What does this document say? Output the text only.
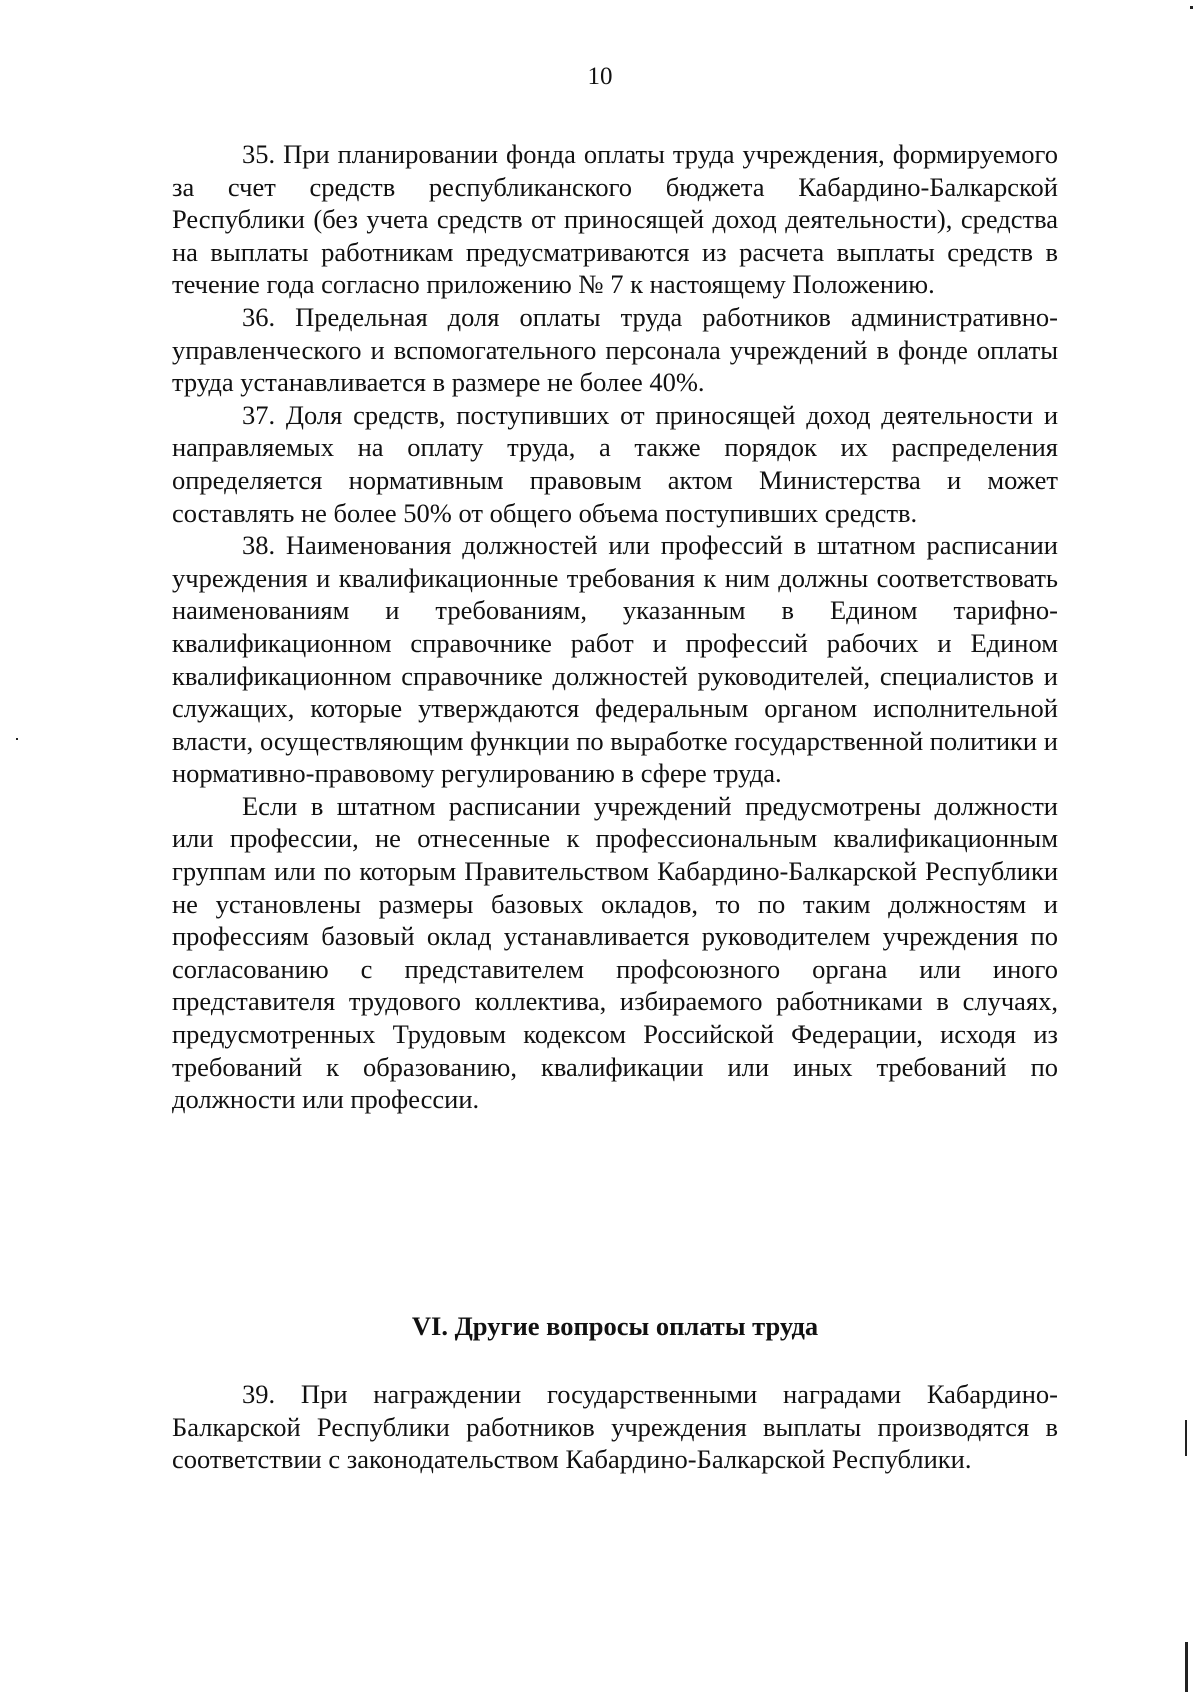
10

35. При планировании фонда оплаты труда учреждения, формируемого за счет средств республиканского бюджета Кабардино-Балкарской Республики (без учета средств от приносящей доход деятельности), средства на выплаты работникам предусматриваются из расчета выплаты средств в течение года согласно приложению № 7 к настоящему Положению.

36. Предельная доля оплаты труда работников административно-управленческого и вспомогательного персонала учреждений в фонде оплаты труда устанавливается в размере не более 40%.

37. Доля средств, поступивших от приносящей доход деятельности и направляемых на оплату труда, а также порядок их распределения определяется нормативным правовым актом Министерства и может составлять не более 50% от общего объема поступивших средств.

38. Наименования должностей или профессий в штатном расписании учреждения и квалификационные требования к ним должны соответствовать наименованиям и требованиям, указанным в Едином тарифно-квалификационном справочнике работ и профессий рабочих и Едином квалификационном справочнике должностей руководителей, специалистов и служащих, которые утверждаются федеральным органом исполнительной власти, осуществляющим функции по выработке государственной политики и нормативно-правовому регулированию в сфере труда.

Если в штатном расписании учреждений предусмотрены должности или профессии, не отнесенные к профессиональным квалификационным группам или по которым Правительством Кабардино-Балкарской Республики не установлены размеры базовых окладов, то по таким должностям и профессиям базовый оклад устанавливается руководителем учреждения по согласованию с представителем профсоюзного органа или иного представителя трудового коллектива, избираемого работниками в случаях, предусмотренных Трудовым кодексом Российской Федерации, исходя из требований к образованию, квалификации или иных требований по должности или профессии.

VI. Другие вопросы оплаты труда

39. При награждении государственными наградами Кабардино-Балкарской Республики работников учреждения выплаты производятся в соответствии с законодательством Кабардино-Балкарской Республики.
